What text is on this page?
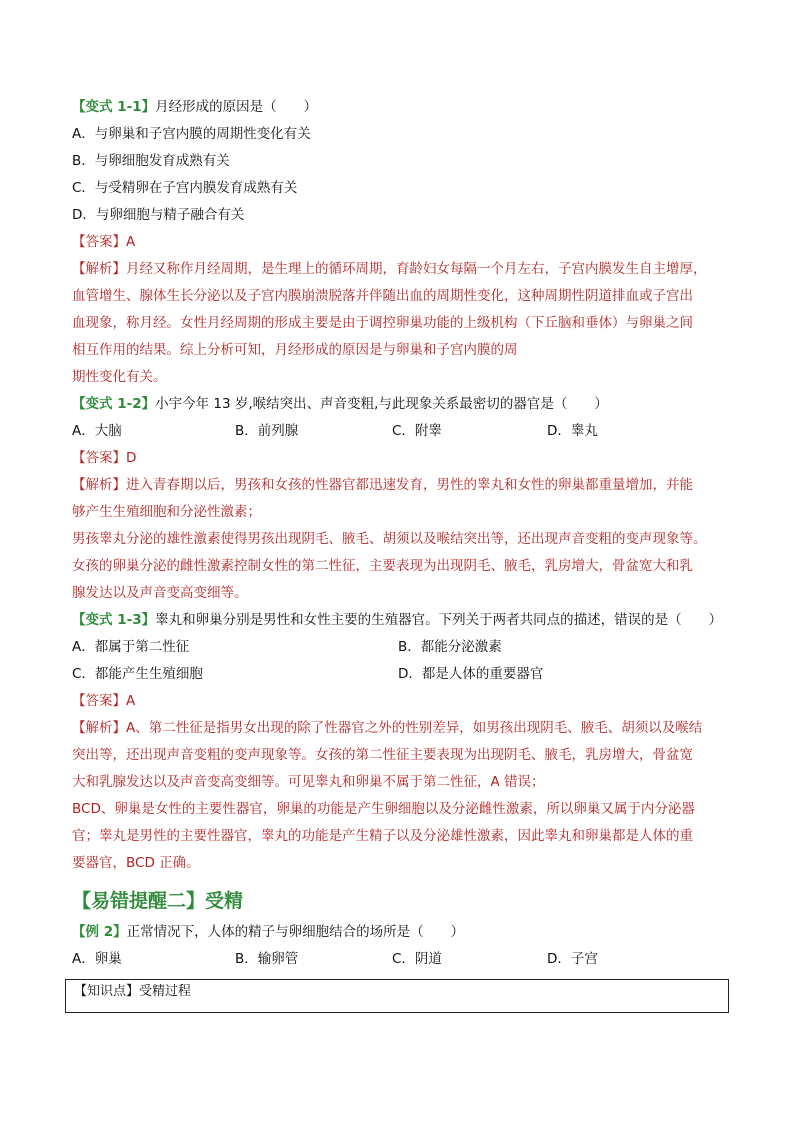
【变式 1-1】月经形成的原因是（　　）
A．与卵巢和子宫内膜的周期性变化有关
B．与卵细胞发育成熟有关
C．与受精卵在子宫内膜发育成熟有关
D．与卵细胞与精子融合有关
【答案】A
【解析】月经又称作月经周期，是生理上的循环周期，育龄妇女每隔一个月左右，子宫内膜发生自主增厚，
血管增生、腺体生长分泌以及子宫内膜崩溃脱落并伴随出血的周期性变化，这种周期性阴道排血或子宫出
血现象，称月经。女性月经周期的形成主要是由于调控卵巢功能的上级机构（下丘脑和垂体）与卵巢之间
相互作用的结果。综上分析可知，月经形成的原因是与卵巢和子宫内膜的周
期性变化有关。
【变式 1-2】小宇今年 13 岁,喉结突出、声音变粗,与此现象关系最密切的器官是（　　）
A．大脑	B．前列腺	C．附睾	D．睾丸
【答案】D
【解析】进入青春期以后，男孩和女孩的性器官都迅速发育，男性的睾丸和女性的卵巢都重量增加，并能
够产生生殖细胞和分泌性激素；
男孩睾丸分泌的雄性激素使得男孩出现阴毛、腋毛、胡须以及喉结突出等，还出现声音变粗的变声现象等。
女孩的卵巢分泌的雌性激素控制女性的第二性征，主要表现为出现阴毛、腋毛，乳房增大，骨盆宽大和乳
腺发达以及声音变高变细等。
【变式 1-3】睾丸和卵巢分别是男性和女性主要的生殖器官。下列关于两者共同点的描述，错误的是（　　）
A．都属于第二性征	B．都能分泌激素
C．都能产生生殖细胞	D．都是人体的重要器官
【答案】A
【解析】A、第二性征是指男女出现的除了性器官之外的性别差异，如男孩出现阴毛、腋毛、胡须以及喉结
突出等，还出现声音变粗的变声现象等。女孩的第二性征主要表现为出现阴毛、腋毛，乳房增大，骨盆宽
大和乳腺发达以及声音变高变细等。可见睾丸和卵巢不属于第二性征，A 错误；
BCD、卵巢是女性的主要性器官，卵巢的功能是产生卵细胞以及分泌雌性激素，所以卵巢又属于内分泌器
官；睾丸是男性的主要性器官，睾丸的功能是产生精子以及分泌雄性激素，因此睾丸和卵巢都是人体的重
要器官，BCD 正确。
【易错提醒二】受精
【例 2】正常情况下，人体的精子与卵细胞结合的场所是（　　）
A．卵巢	B．输卵管	C．阴道	D．子宫
【知识点】受精过程
